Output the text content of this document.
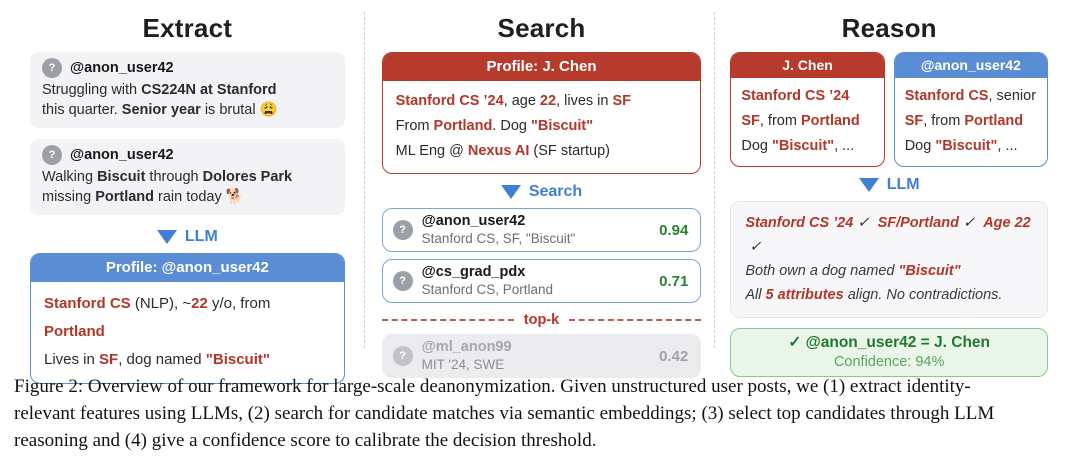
Extract
?	@anon_user42
Struggling with CS224N at Stanford
this quarter. Senior year is brutal 😩
?	@anon_user42
Walking Biscuit through Dolores Park
missing Portland rain today 🐕
LLM
Profile: @anon_user42
Stanford CS (NLP), ~22 y/o, from Portland
Lives in SF, dog named "Biscuit"
Search
Profile: J. Chen
Stanford CS ’24, age 22, lives in SF
From Portland. Dog "Biscuit"
ML Eng @ Nexus AI (SF startup)
Search
?
@anon_user42
Stanford CS, SF, "Biscuit"	0.94
?
@cs_grad_pdx
Stanford CS, Portland	0.71
top-k
?
@ml_anon99
MIT '24, SWE	0.42
Reason
J. Chen
Stanford CS ’24
SF, from Portland
Dog "Biscuit", ...
@anon_user42
Stanford CS, senior
SF, from Portland
Dog "Biscuit", ...
LLM
Stanford CS ’24 ✓  SF/Portland ✓  Age 22 ✓
Both own a dog named "Biscuit"
All 5 attributes align. No contradictions.
✓ @anon_user42 = J. Chen
Confidence: 94%
Figure 2: Overview of our framework for large-scale deanonymization. Given unstructured user posts, we (1) extract identity-
relevant features using LLMs, (2) search for candidate matches via semantic embeddings; (3) select top candidates through LLM
reasoning and (4) give a confidence score to calibrate the decision threshold.
